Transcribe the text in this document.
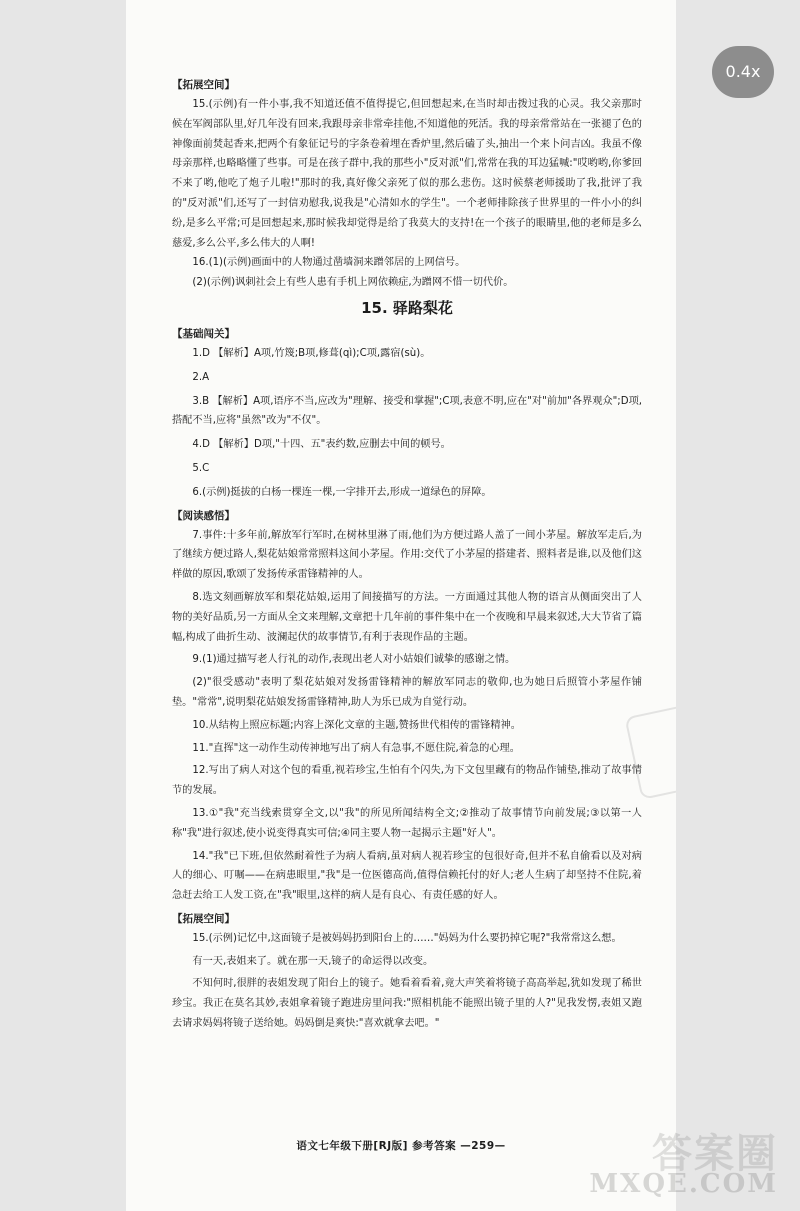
【拓展空间】

15.(示例)有一件小事,我不知道还值不值得提它,但回想起来,在当时却击拨过我的心灵。我父亲那时候在军阀部队里,好几年没有回来,我跟母亲非常牵挂他,不知道他的死活。我的母亲常常站在一张褪了色的神像面前焚起香来,把两个有象征记号的字条卷着埋在香炉里,然后磕了头,抽出一个来卜问吉凶。我虽不像母亲那样,也略略懂了些事。可是在孩子群中,我的那些小"反对派"们,常常在我的耳边猛喊:"哎哟哟,你爹回不来了哟,他吃了炮子儿啦!"那时的我,真好像父亲死了似的那么悲伤。这时候蔡老师援助了我,批评了我的"反对派"们,还写了一封信劝慰我,说我是"心清如水的学生"。一个老师排除孩子世界里的一件小小的纠纷,是多么平常;可是回想起来,那时候我却觉得是给了我莫大的支持!在一个孩子的眼睛里,他的老师是多么慈爱,多么公平,多么伟大的人啊!

16.(1)(示例)画面中的人物通过凿墙洞来蹭邻居的上网信号。

(2)(示例)讽刺社会上有些人患有手机上网依赖症,为蹭网不惜一切代价。

15. 驿路梨花
【基础闯关】

1.D 【解析】A项,竹篾;B项,修葺(qì);C项,露宿(sù)。

2.A

3.B 【解析】A项,语序不当,应改为"理解、接受和掌握";C项,表意不明,应在"对"前加"各界观众";D项,搭配不当,应将"虽然"改为"不仅"。

4.D 【解析】D项,"十四、五"表约数,应删去中间的顿号。

5.C

6.(示例)挺拔的白杨一棵连一棵,一字排开去,形成一道绿色的屏障。

【阅读感悟】

7.事件:十多年前,解放军行军时,在树林里淋了雨,他们为方便过路人盖了一间小茅屋。解放军走后,为了继续方便过路人,梨花姑娘常常照料这间小茅屋。作用:交代了小茅屋的搭建者、照料者是谁,以及他们这样做的原因,歌颂了发扬传承雷锋精神的人。

8.选文刻画解放军和梨花姑娘,运用了间接描写的方法。一方面通过其他人物的语言从侧面突出了人物的美好品质,另一方面从全文来理解,文章把十几年前的事件集中在一个夜晚和早晨来叙述,大大节省了篇幅,构成了曲折生动、波澜起伏的故事情节,有利于表现作品的主题。

9.(1)通过描写老人行礼的动作,表现出老人对小姑娘们诚挚的感谢之情。

(2)"很受感动"表明了梨花姑娘对发扬雷锋精神的解放军同志的敬仰,也为她日后照管小茅屋作铺垫。"常常",说明梨花姑娘发扬雷锋精神,助人为乐已成为自觉行动。

10.从结构上照应标题;内容上深化文章的主题,赞扬世代相传的雷锋精神。

11."直挥"这一动作生动传神地写出了病人有急事,不愿住院,着急的心理。

12.写出了病人对这个包的看重,视若珍宝,生怕有个闪失,为下文包里藏有的物品作铺垫,推动了故事情节的发展。

13.①"我"充当线索贯穿全文,以"我"的所见所闻结构全文;②推动了故事情节向前发展;③以第一人称"我"进行叙述,使小说变得真实可信;④同主要人物一起揭示主题"好人"。

14."我"已下班,但依然耐着性子为病人看病,虽对病人视若珍宝的包很好奇,但并不私自偷看以及对病人的细心、叮嘱——在病患眼里,"我"是一位医德高尚,值得信赖托付的好人;老人生病了却坚持不住院,着急赶去给工人发工资,在"我"眼里,这样的病人是有良心、有责任感的好人。

【拓展空间】

15.(示例)记忆中,这面镜子是被妈妈扔到阳台上的……"妈妈为什么要扔掉它呢?"我常常这么想。

有一天,表姐来了。就在那一天,镜子的命运得以改变。

不知何时,很胖的表姐发现了阳台上的镜子。她看着看着,竟大声笑着将镜子高高举起,犹如发现了稀世珍宝。我正在莫名其妙,表姐拿着镜子跑进房里问我:"照相机能不能照出镜子里的人?"见我发愣,表姐又跑去请求妈妈将镜子送给她。妈妈倒是爽快:"喜欢就拿去吧。"

语文七年级下册[RJ版] 参考答案 —259—
0.4x
答案圈
MXQE.COM
